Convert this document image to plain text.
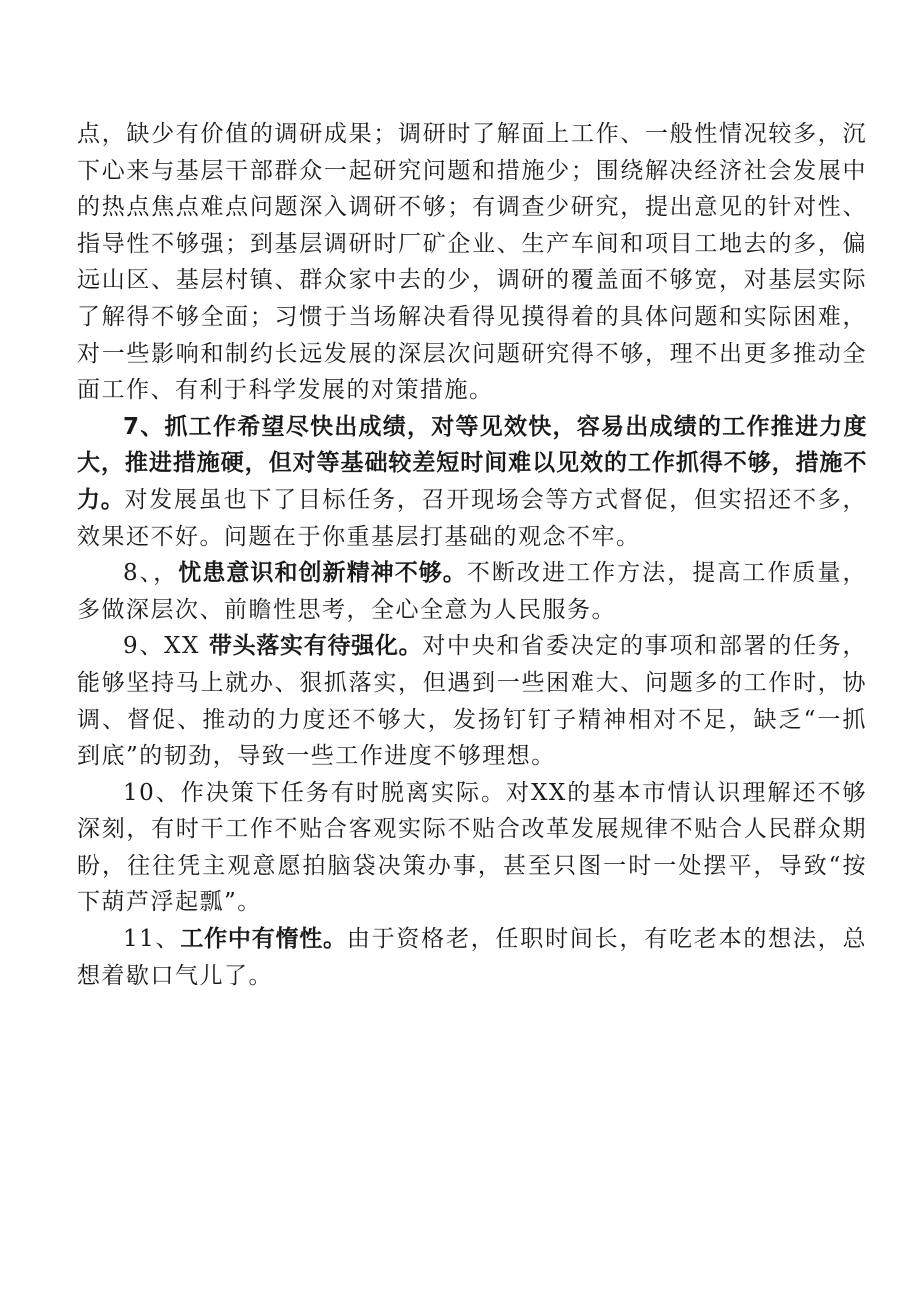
点，缺少有价值的调研成果；调研时了解面上工作、一般性情况较多，沉下心来与基层干部群众一起研究问题和措施少；围绕解决经济社会发展中的热点焦点难点问题深入调研不够；有调查少研究，提出意见的针对性、指导性不够强；到基层调研时厂矿企业、生产车间和项目工地去的多，偏远山区、基层村镇、群众家中去的少，调研的覆盖面不够宽，对基层实际了解得不够全面；习惯于当场解决看得见摸得着的具体问题和实际困难，对一些影响和制约长远发展的深层次问题研究得不够，理不出更多推动全面工作、有利于科学发展的对策措施。

7、抓工作希望尽快出成绩，对等见效快，容易出成绩的工作推进力度大，推进措施硬，但对等基础较差短时间难以见效的工作抓得不够，措施不力。对发展虽也下了目标任务，召开现场会等方式督促，但实招还不多，效果还不好。问题在于你重基层打基础的观念不牢。

8、，忧患意识和创新精神不够。不断改进工作方法，提高工作质量，多做深层次、前瞻性思考，全心全意为人民服务。

9、XX 带头落实有待强化。对中央和省委决定的事项和部署的任务，能够坚持马上就办、狠抓落实，但遇到一些困难大、问题多的工作时，协调、督促、推动的力度还不够大，发扬钉钉子精神相对不足，缺乏“一抓到底”的韧劲，导致一些工作进度不够理想。

10、作决策下任务有时脱离实际。对XX的基本市情认识理解还不够深刻，有时干工作不贴合客观实际不贴合改革发展规律不贴合人民群众期盼，往往凭主观意愿拍脑袋决策办事，甚至只图一时一处摆平，导致“按下葫芦浮起瓢”。

11、工作中有惰性。由于资格老，任职时间长，有吃老本的想法，总想着歇口气儿了。
